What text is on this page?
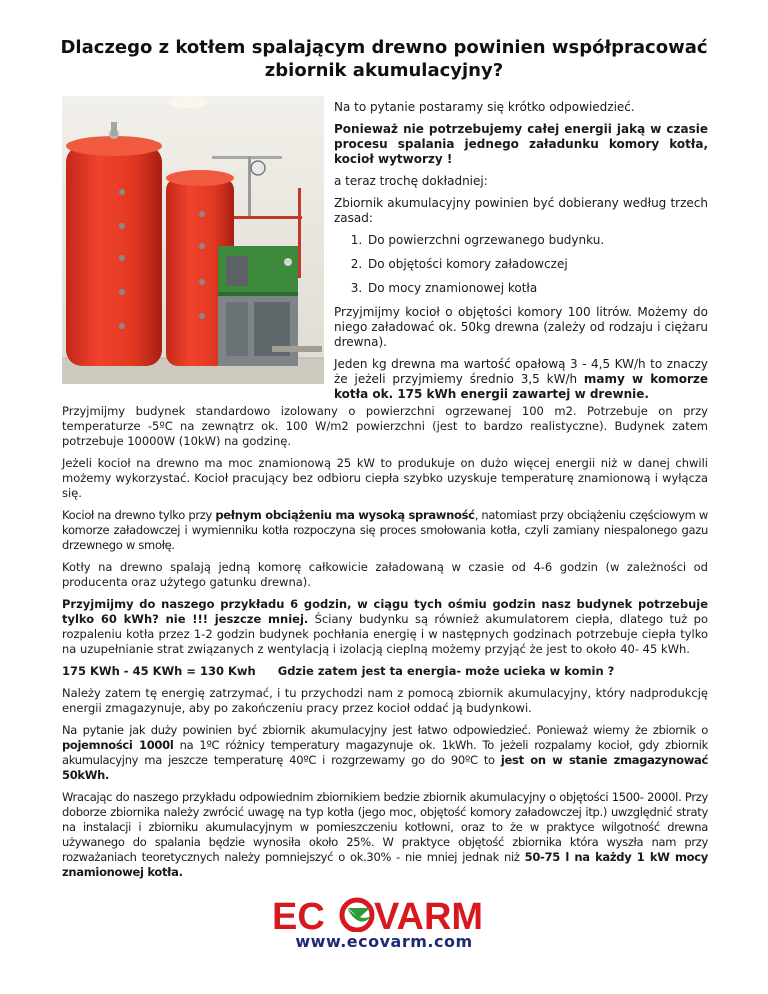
Dlaczego z kotłem spalającym drewno powinien współpracować zbiornik akumulacyjny?

Na to pytanie postaramy się krótko odpowiedzieć.

Ponieważ nie potrzebujemy całej energii jaką w czasie procesu spalania jednego załadunku komory kotła, kocioł wytworzy !

a teraz trochę dokładniej:

Zbiornik akumulacyjny powinien być dobierany według trzech zasad:

1. Do powierzchni ogrzewanego budynku.
2. Do objętości komory załadowczej
3. Do mocy znamionowej kotła

Przyjmijmy kocioł o objętości komory 100 litrów. Możemy do niego załadować ok. 50kg drewna (zależy od rodzaju i ciężaru drewna).

Jeden kg drewna ma wartość opałową 3 - 4,5 KW/h to znaczy że jeżeli przyjmiemy średnio 3,5 kW/h mamy w komorze kotła ok. 175 kWh energii zawartej w drewnie.

Przyjmijmy budynek standardowo izolowany o powierzchni ogrzewanej 100 m2. Potrzebuje on przy temperaturze -5ºC na zewnątrz ok. 100 W/m2 powierzchni (jest to bardzo realistyczne). Budynek zatem potrzebuje 10000W (10kW) na godzinę.

Jeżeli kocioł na drewno ma moc znamionową 25 kW to produkuje on dużo więcej energii niż w danej chwili możemy wykorzystać. Kocioł pracujący bez odbioru ciepła szybko uzyskuje temperaturę znamionową i wyłącza się.

Kocioł na drewno tylko przy pełnym obciążeniu ma wysoką sprawność, natomiast przy obciążeniu częściowym w komorze załadowczej i wymienniku kotła rozpoczyna się proces smołowania kotła, czyli zamiany niespalonego gazu drzewnego w smołę.

Kotły na drewno spalają jedną komorę całkowicie załadowaną w czasie od 4-6 godzin (w zależności od producenta oraz użytego gatunku drewna).

Przyjmijmy do naszego przykładu 6 godzin, w ciągu tych ośmiu godzin nasz budynek potrzebuje tylko 60 kWh? nie !!! jeszcze mniej. Ściany budynku są również akumulatorem ciepła, dlatego tuż po rozpaleniu kotła przez 1-2 godzin budynek pochłania energię i w następnych godzinach potrzebuje ciepła tylko na uzupełnianie strat związanych z wentylacją i izolacją cieplną możemy przyjąć że jest to około 40- 45 kWh.

175 KWh - 45 KWh = 130 Kwh Gdzie zatem jest ta energia- może ucieka w komin ?

Należy zatem tę energię zatrzymać, i tu przychodzi nam z pomocą zbiornik akumulacyjny, który nadprodukcję energii zmagazynuje, aby po zakończeniu pracy przez kocioł oddać ją budynkowi.

Na pytanie jak duży powinien być zbiornik akumulacyjny jest łatwo odpowiedzieć. Ponieważ wiemy że zbiornik o pojemności 1000l na 1ºC różnicy temperatury magazynuje ok. 1kWh. To jeżeli rozpalamy kocioł, gdy zbiornik akumulacyjny ma jeszcze temperaturę 40ºC i rozgrzewamy go do 90ºC to jest on w stanie zmagazynować 50kWh.

Wracając do naszego przykładu odpowiednim zbiornikiem bedzie zbiornik akumulacyjny o objętości 1500- 2000l. Przy doborze zbiornika należy zwrócić uwagę na typ kotła (jego moc, objętość komory załadowczej itp.) uwzględnić straty na instalacji i zbiorniku akumulacyjnym w pomieszczeniu kotłowni, oraz to że w praktyce wilgotność drewna używanego do spalania będzie wynosiła około 25%. W praktyce objętość zbiornika która wyszła nam przy rozważaniach teoretycznych należy pomniejszyć o ok.30% - nie mniej jednak niż 50-75 l na każdy 1 kW mocy znamionowej kotła.

EC VARM
www.ecovarm.com
